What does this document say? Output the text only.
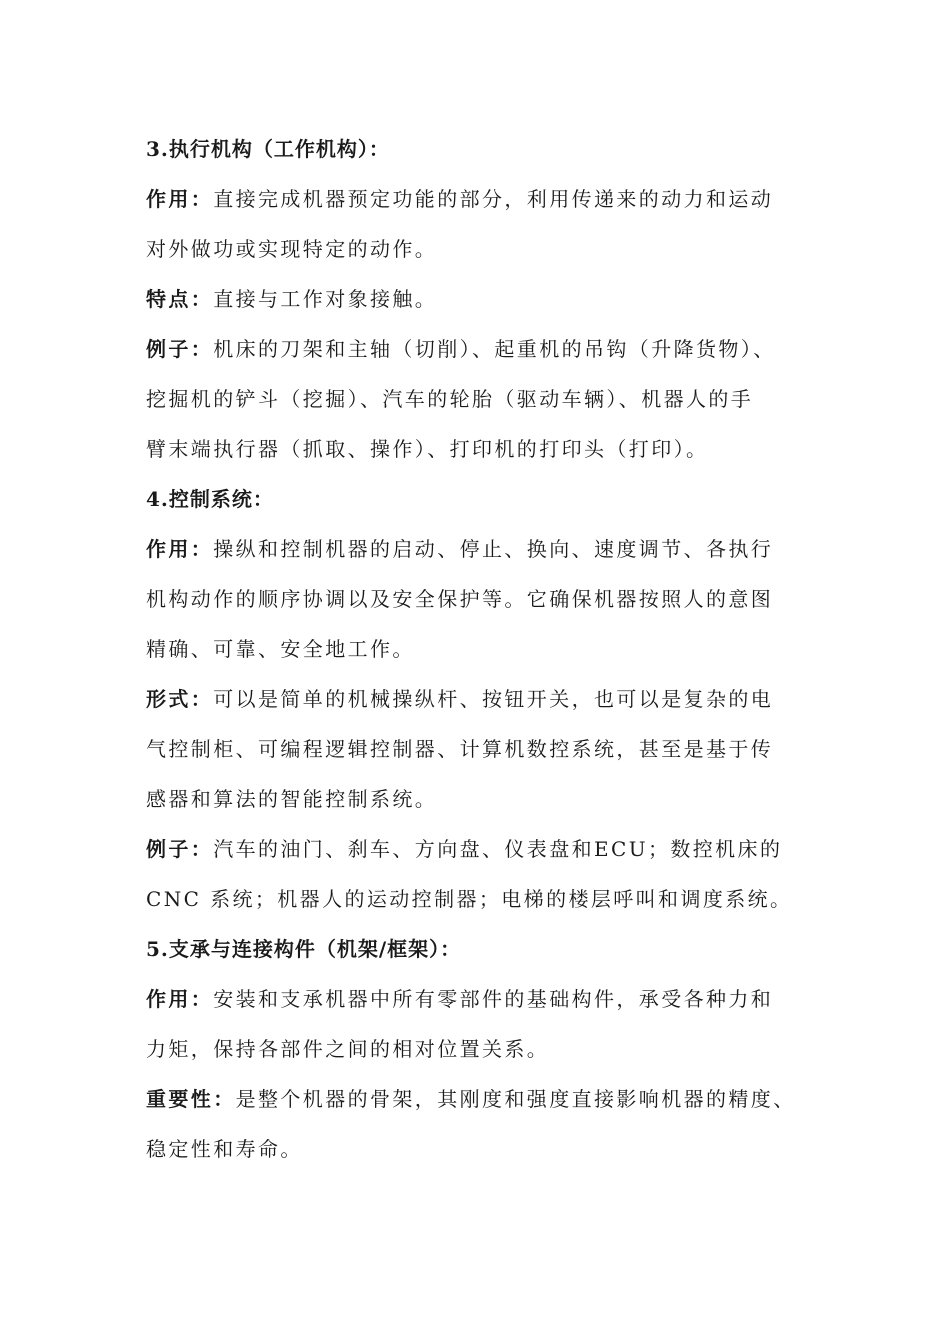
3.执行机构（工作机构）：
作用：直接完成机器预定功能的部分，利用传递来的动力和运动
对外做功或实现特定的动作。
特点：直接与工作对象接触。
例子：机床的刀架和主轴（切削）、起重机的吊钩（升降货物）、
挖掘机的铲斗（挖掘）、汽车的轮胎（驱动车辆）、机器人的手
臂末端执行器（抓取、操作）、打印机的打印头（打印）。
4.控制系统：
作用：操纵和控制机器的启动、停止、换向、速度调节、各执行
机构动作的顺序协调以及安全保护等。它确保机器按照人的意图
精确、可靠、安全地工作。
形式：可以是简单的机械操纵杆、按钮开关，也可以是复杂的电
气控制柜、可编程逻辑控制器、计算机数控系统，甚至是基于传
感器和算法的智能控制系统。
例子：汽车的油门、刹车、方向盘、仪表盘和ECU；数控机床的
CNC 系统；机器人的运动控制器；电梯的楼层呼叫和调度系统。
5.支承与连接构件（机架/框架）：
作用：安装和支承机器中所有零部件的基础构件，承受各种力和
力矩，保持各部件之间的相对位置关系。
重要性：是整个机器的骨架，其刚度和强度直接影响机器的精度、
稳定性和寿命。
